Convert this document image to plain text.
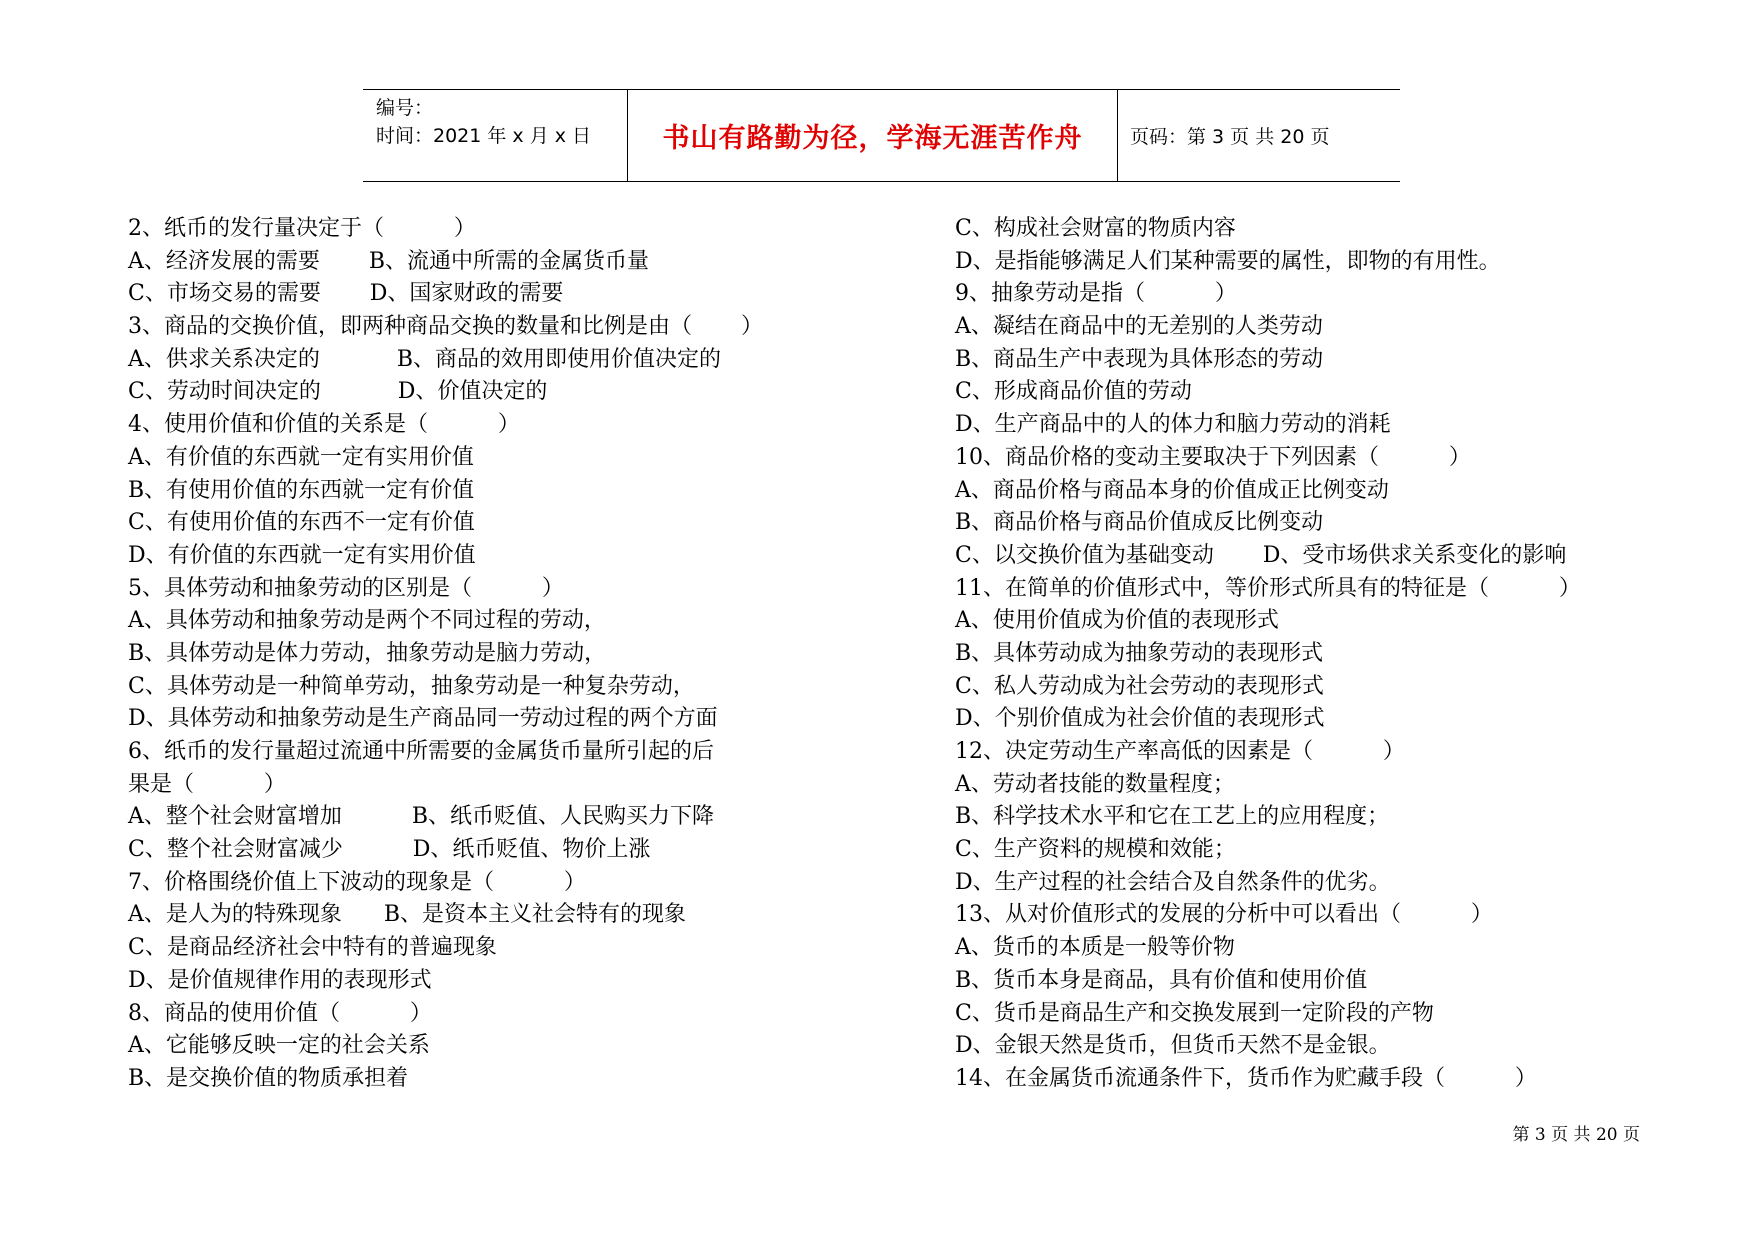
编号：
时间：2021 年 x 月 x 日	书山有路勤为径，学海无涯苦作舟	页码：第 3 页 共 20 页
2、纸币的发行量决定于（          ）
A、经济发展的需要       B、流通中所需的金属货币量
C、市场交易的需要       D、国家财政的需要
3、商品的交换价值，即两种商品交换的数量和比例是由（       ）
A、供求关系决定的           B、商品的效用即使用价值决定的
C、劳动时间决定的           D、价值决定的
4、使用价值和价值的关系是（          ）
A、有价值的东西就一定有实用价值
B、有使用价值的东西就一定有价值
C、有使用价值的东西不一定有价值
D、有价值的东西就一定有实用价值
5、具体劳动和抽象劳动的区别是（          ）
A、具体劳动和抽象劳动是两个不同过程的劳动，
B、具体劳动是体力劳动，抽象劳动是脑力劳动，
C、具体劳动是一种简单劳动，抽象劳动是一种复杂劳动，
D、具体劳动和抽象劳动是生产商品同一劳动过程的两个方面
6、纸币的发行量超过流通中所需要的金属货币量所引起的后
果是（          ）
A、整个社会财富增加          B、纸币贬值、人民购买力下降
C、整个社会财富减少          D、纸币贬值、物价上涨
7、价格围绕价值上下波动的现象是（          ）
A、是人为的特殊现象      B、是资本主义社会特有的现象
C、是商品经济社会中特有的普遍现象
D、是价值规律作用的表现形式
8、商品的使用价值（          ）
A、它能够反映一定的社会关系
B、是交换价值的物质承担着
C、构成社会财富的物质内容
D、是指能够满足人们某种需要的属性，即物的有用性。
9、抽象劳动是指（          ）
A、凝结在商品中的无差别的人类劳动
B、商品生产中表现为具体形态的劳动
C、形成商品价值的劳动
D、生产商品中的人的体力和脑力劳动的消耗
10、商品价格的变动主要取决于下列因素（          ）
A、商品价格与商品本身的价值成正比例变动
B、商品价格与商品价值成反比例变动
C、以交换价值为基础变动       D、受市场供求关系变化的影响
11、在简单的价值形式中，等价形式所具有的特征是（          ）
A、使用价值成为价值的表现形式
B、具体劳动成为抽象劳动的表现形式
C、私人劳动成为社会劳动的表现形式
D、个别价值成为社会价值的表现形式
12、决定劳动生产率高低的因素是（          ）
A、劳动者技能的数量程度；
B、科学技术水平和它在工艺上的应用程度；
C、生产资料的规模和效能；
D、生产过程的社会结合及自然条件的优劣。
13、从对价值形式的发展的分析中可以看出（          ）
A、货币的本质是一般等价物
B、货币本身是商品，具有价值和使用价值
C、货币是商品生产和交换发展到一定阶段的产物
D、金银天然是货币，但货币天然不是金银。
14、在金属货币流通条件下，货币作为贮藏手段（          ）
第 3 页 共 20 页
